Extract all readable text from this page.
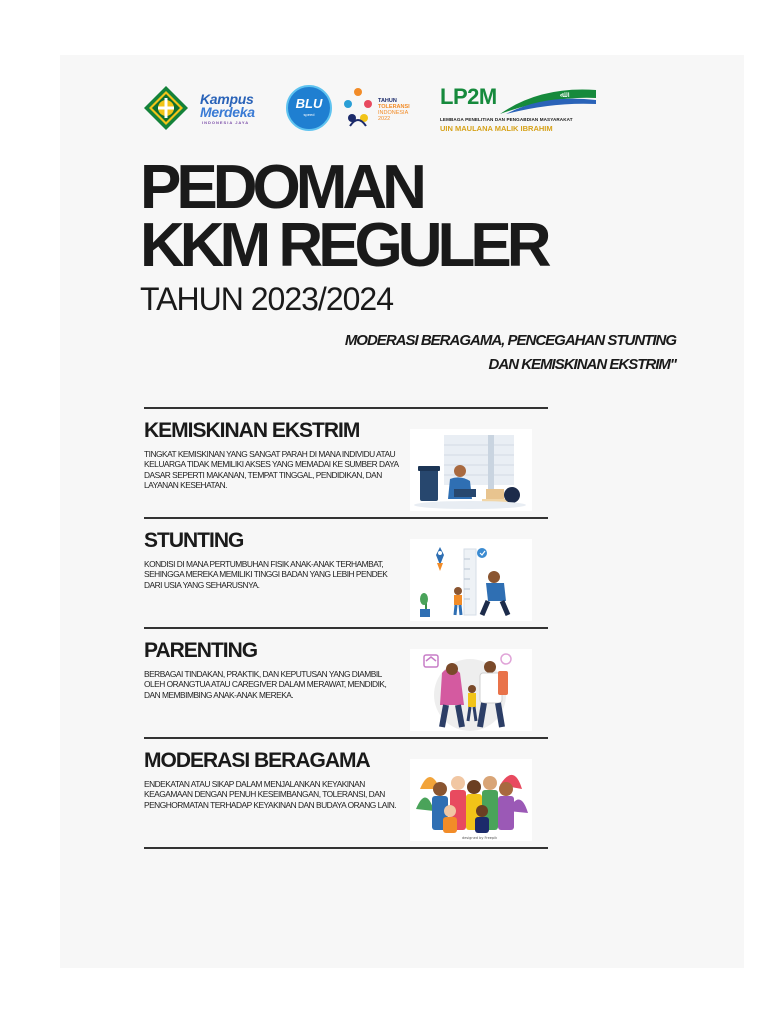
Kampus
Merdeka
INDONESIA JAYA
BLU
speed
TAHUN
TOLERANSI
INDONESIA
2022
LP2M	ﷲ
LEMBAGA PENELITIAN DAN PENGABDIAN MASYARAKAT
UIN MAULANA MALIK IBRAHIM
PEDOMAN
KKM REGULER
TAHUN 2023/2024
MODERASI BERAGAMA, PENCEGAHAN STUNTING
DAN KEMISKINAN EKSTRIM"
KEMISKINAN EKSTRIM

TINGKAT KEMISKINAN YANG SANGAT PARAH DI MANA INDIVIDU ATAU KELUARGA TIDAK MEMILIKI AKSES YANG MEMADAI KE SUMBER DAYA DASAR SEPERTI MAKANAN, TEMPAT TINGGAL, PENDIDIKAN, DAN LAYANAN KESEHATAN.

STUNTING

KONDISI DI MANA PERTUMBUHAN FISIK ANAK-ANAK TERHAMBAT, SEHINGGA MEREKA MEMILIKI TINGGI BADAN YANG LEBIH PENDEK DARI USIA YANG SEHARUSNYA.

PARENTING

BERBAGAI TINDAKAN, PRAKTIK, DAN KEPUTUSAN YANG DIAMBIL OLEH ORANGTUA ATAU CAREGIVER DALAM MERAWAT, MENDIDIK, DAN MEMBIMBING ANAK-ANAK MEREKA.

MODERASI BERAGAMA

ENDEKATAN ATAU SIKAP DALAM MENJALANKAN KEYAKINAN KEAGAMAAN DENGAN PENUH KESEIMBANGAN, TOLERANSI, DAN PENGHORMATAN TERHADAP KEYAKINAN DAN BUDAYA ORANG LAIN.

designed by Freepik
